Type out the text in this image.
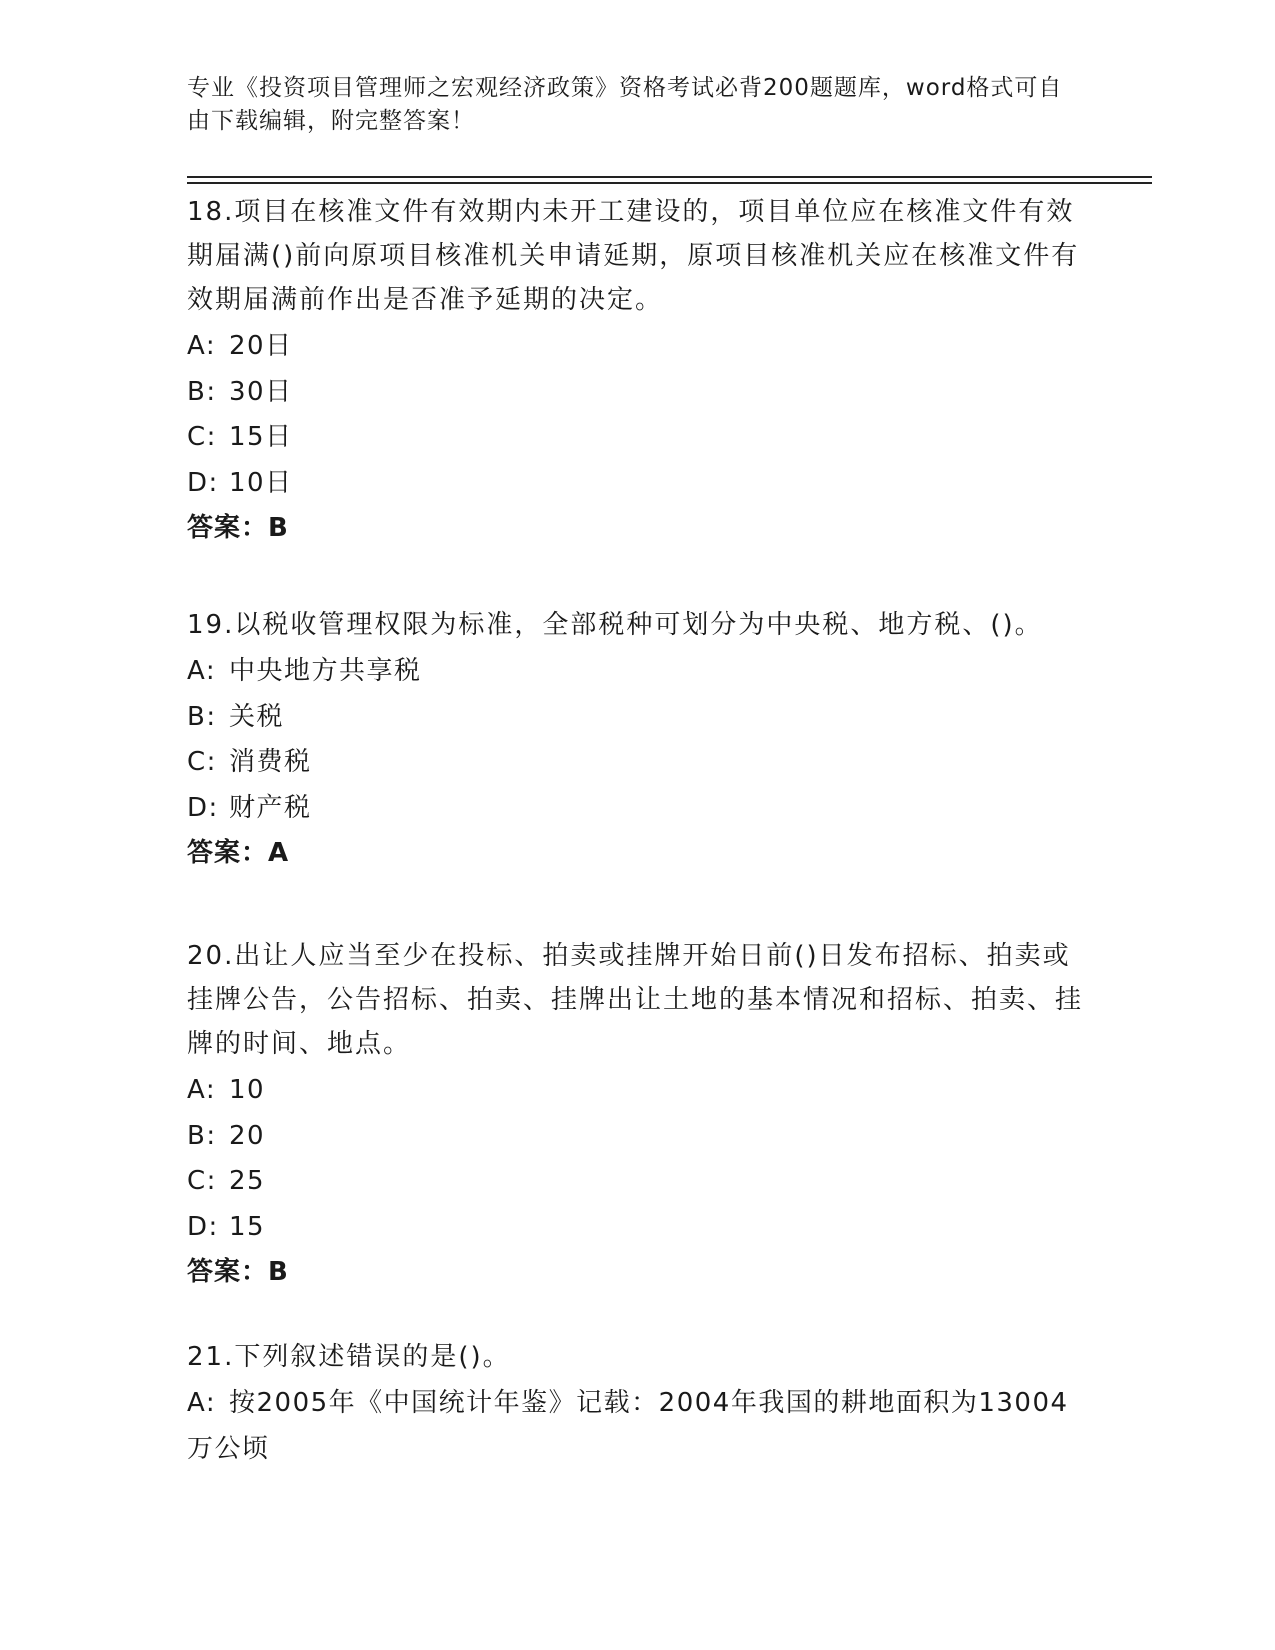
专业《投资项目管理师之宏观经济政策》资格考试必背200题题库，word格式可自由下载编辑，附完整答案！
18.项目在核准文件有效期内未开工建设的，项目单位应在核准文件有效期届满()前向原项目核准机关申请延期，原项目核准机关应在核准文件有效期届满前作出是否准予延期的决定。
A: 20日
B: 30日
C: 15日
D: 10日
答案：B
19.以税收管理权限为标准，全部税种可划分为中央税、地方税、()。
A: 中央地方共享税
B: 关税
C: 消费税
D: 财产税
答案：A
20.出让人应当至少在投标、拍卖或挂牌开始日前()日发布招标、拍卖或挂牌公告，公告招标、拍卖、挂牌出让土地的基本情况和招标、拍卖、挂牌的时间、地点。
A: 10
B: 20
C: 25
D: 15
答案：B
21.下列叙述错误的是()。
A: 按2005年《中国统计年鉴》记载：2004年我国的耕地面积为13004万公顷
